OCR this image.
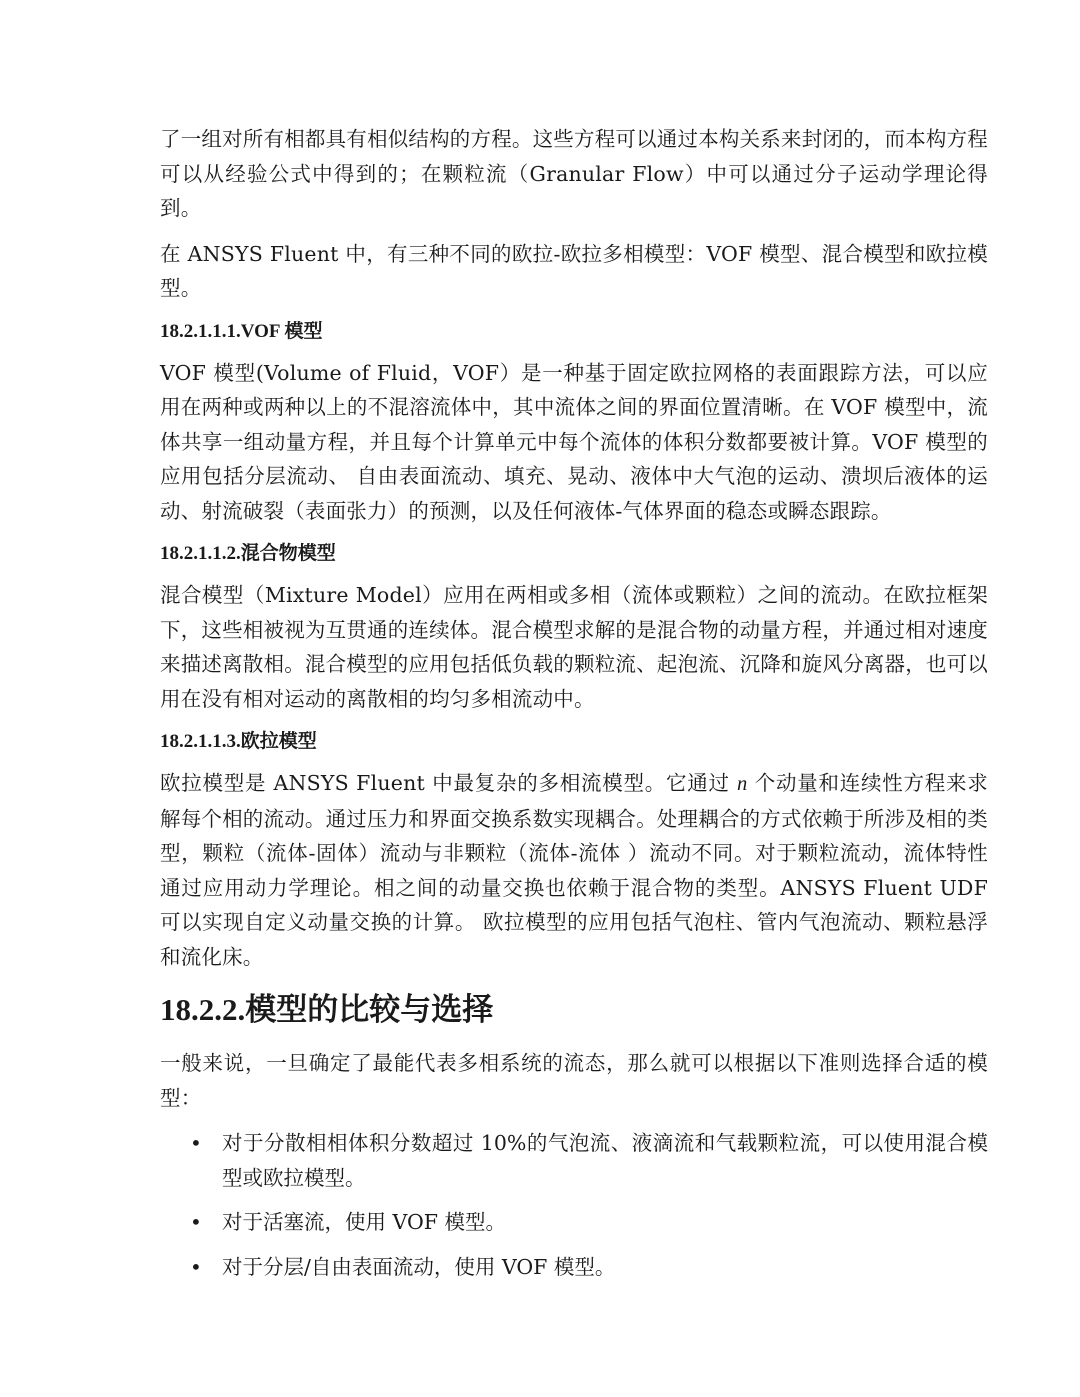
了一组对所有相都具有相似结构的方程。这些方程可以通过本构关系来封闭的，而本构方程可以从经验公式中得到的；在颗粒流（Granular Flow）中可以通过分子运动学理论得到。

在 ANSYS Fluent 中，有三种不同的欧拉-欧拉多相模型：VOF 模型、混合模型和欧拉模型。

18.2.1.1.1.VOF 模型

VOF 模型(Volume of Fluid，VOF）是一种基于固定欧拉网格的表面跟踪方法，可以应用在两种或两种以上的不混溶流体中，其中流体之间的界面位置清晰。在 VOF 模型中，流体共享一组动量方程，并且每个计算单元中每个流体的体积分数都要被计算。VOF 模型的应用包括分层流动、 自由表面流动、填充、晃动、液体中大气泡的运动、溃坝后液体的运动、射流破裂（表面张力）的预测，以及任何液体-气体界面的稳态或瞬态跟踪。

18.2.1.1.2.混合物模型

混合模型（Mixture Model）应用在两相或多相（流体或颗粒）之间的流动。在欧拉框架下，这些相被视为互贯通的连续体。混合模型求解的是混合物的动量方程，并通过相对速度来描述离散相。混合模型的应用包括低负载的颗粒流、起泡流、沉降和旋风分离器，也可以用在没有相对运动的离散相的均匀多相流动中。

18.2.1.1.3.欧拉模型

欧拉模型是 ANSYS Fluent 中最复杂的多相流模型。它通过 n 个动量和连续性方程来求解每个相的流动。通过压力和界面交换系数实现耦合。处理耦合的方式依赖于所涉及相的类型，颗粒（流体-固体）流动与非颗粒（流体-流体 ）流动不同。对于颗粒流动，流体特性通过应用动力学理论。相之间的动量交换也依赖于混合物的类型。ANSYS Fluent UDF 可以实现自定义动量交换的计算。 欧拉模型的应用包括气泡柱、管内气泡流动、颗粒悬浮和流化床。

18.2.2.模型的比较与选择

一般来说，一旦确定了最能代表多相系统的流态，那么就可以根据以下准则选择合适的模型：

• 对于分散相相体积分数超过 10%的气泡流、液滴流和气载颗粒流，可以使用混合模型或欧拉模型。
• 对于活塞流，使用 VOF 模型。
• 对于分层/自由表面流动，使用 VOF 模型。
